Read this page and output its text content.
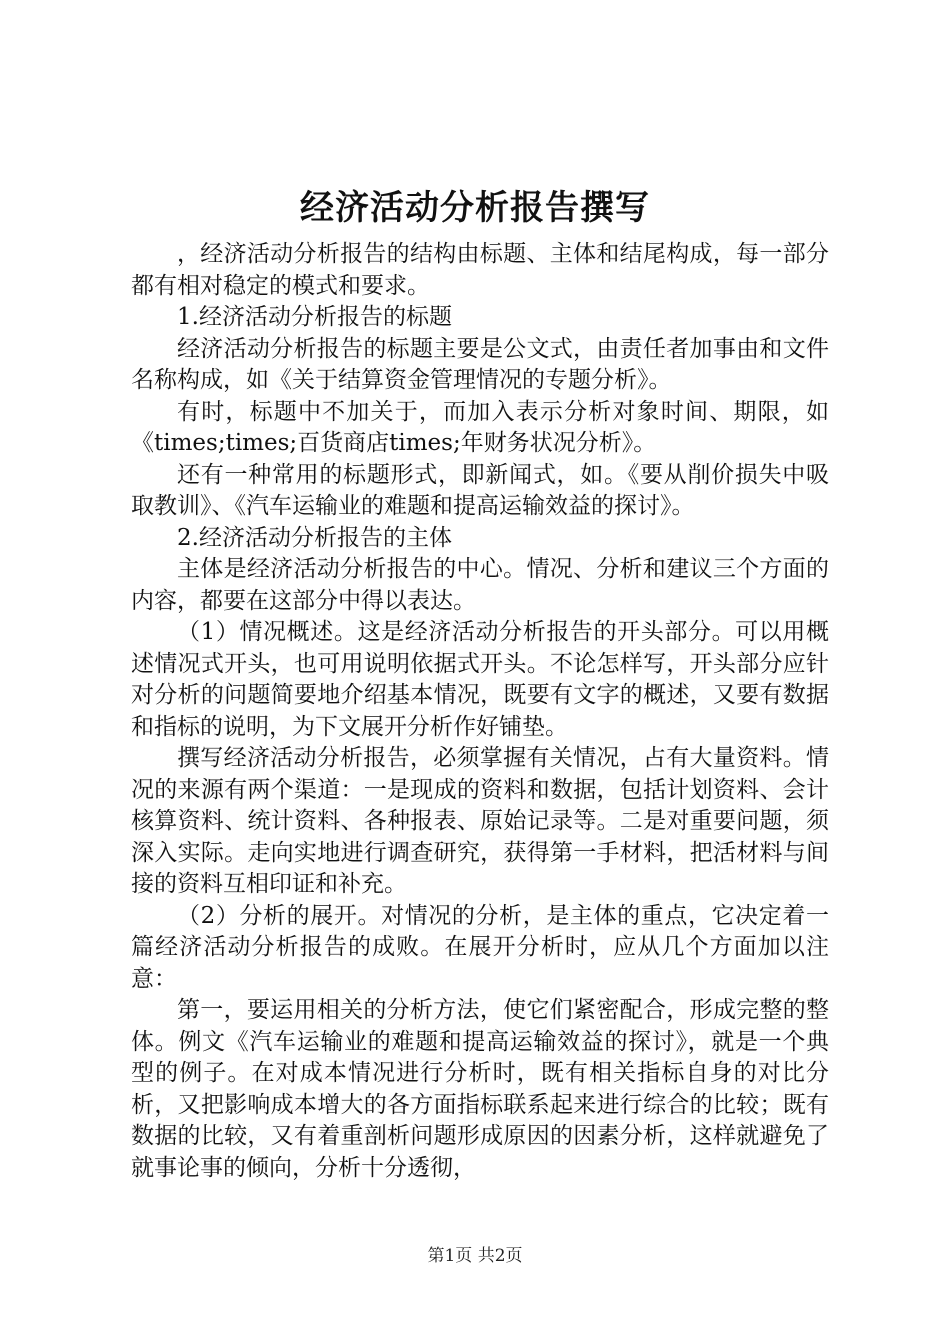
经济活动分析报告撰写

，经济活动分析报告的结构由标题、主体和结尾构成，每一部分都有相对稳定的模式和要求。

1.经济活动分析报告的标题

经济活动分析报告的标题主要是公文式，由责任者加事由和文件名称构成，如《关于结算资金管理情况的专题分析》。

有时，标题中不加关于，而加入表示分析对象时间、期限，如《times;times;百货商店times;年财务状况分析》。

还有一种常用的标题形式，即新闻式，如。《要从削价损失中吸取教训》、《汽车运输业的难题和提高运输效益的探讨》。

2.经济活动分析报告的主体

主体是经济活动分析报告的中心。情况、分析和建议三个方面的内容，都要在这部分中得以表达。

（1）情况概述。这是经济活动分析报告的开头部分。可以用概述情况式开头，也可用说明依据式开头。不论怎样写，开头部分应针对分析的问题简要地介绍基本情况，既要有文字的概述，又要有数据和指标的说明，为下文展开分析作好铺垫。

撰写经济活动分析报告，必须掌握有关情况，占有大量资料。情况的来源有两个渠道：一是现成的资料和数据，包括计划资料、会计核算资料、统计资料、各种报表、原始记录等。二是对重要问题，须深入实际。走向实地进行调查研究，获得第一手材料，把活材料与间接的资料互相印证和补充。

（2）分析的展开。对情况的分析，是主体的重点，它决定着一篇经济活动分析报告的成败。在展开分析时，应从几个方面加以注意：

第一，要运用相关的分析方法，使它们紧密配合，形成完整的整体。例文《汽车运输业的难题和提高运输效益的探讨》，就是一个典型的例子。在对成本情况进行分析时，既有相关指标自身的对比分析，又把影响成本增大的各方面指标联系起来进行综合的比较；既有数据的比较，又有着重剖析问题形成原因的因素分析，这样就避免了就事论事的倾向，分析十分透彻，

第1页 共2页
